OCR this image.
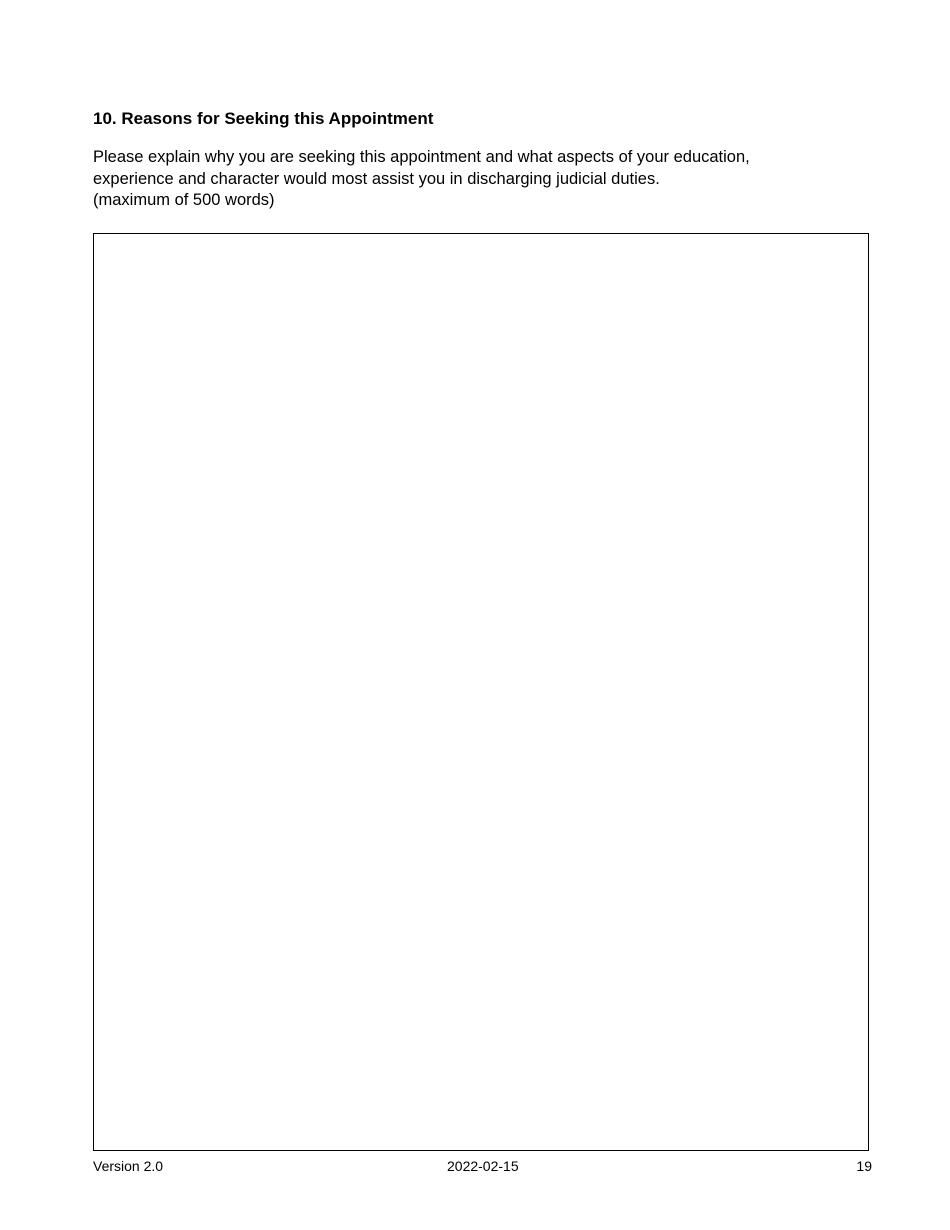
10. Reasons for Seeking this Appointment

Please explain why you are seeking this appointment and what aspects of your education,
experience and character would most assist you in discharging judicial duties.
(maximum of 500 words)

Version 2.0	2022-02-15	19
